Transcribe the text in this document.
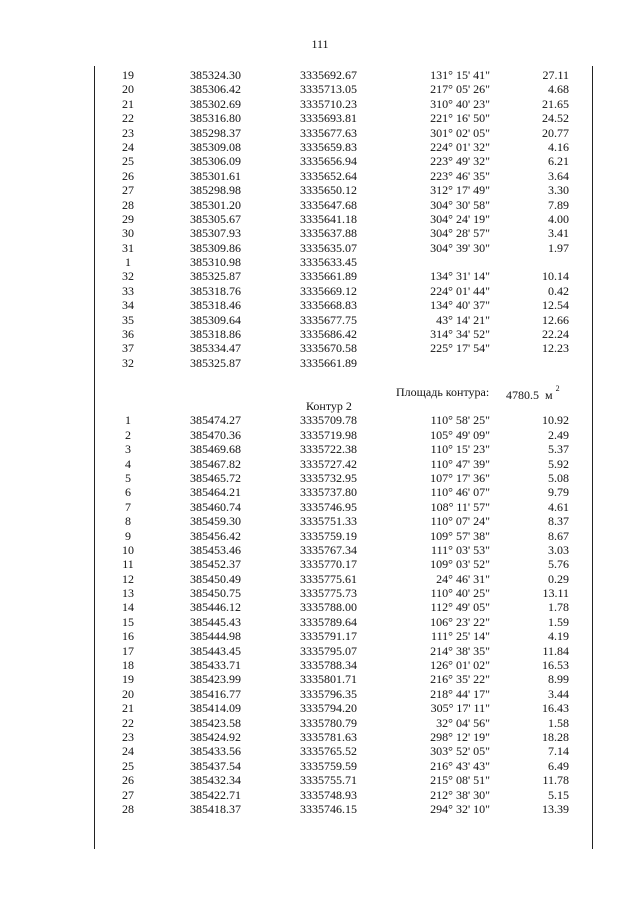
111
19	385324.30	3335692.67	131° 15' 41"	27.11
20	385306.42	3335713.05	217° 05' 26"	4.68
21	385302.69	3335710.23	310° 40' 23"	21.65
22	385316.80	3335693.81	221° 16' 50"	24.52
23	385298.37	3335677.63	301° 02' 05"	20.77
24	385309.08	3335659.83	224° 01' 32"	4.16
25	385306.09	3335656.94	223° 49' 32"	6.21
26	385301.61	3335652.64	223° 46' 35"	3.64
27	385298.98	3335650.12	312° 17' 49"	3.30
28	385301.20	3335647.68	304° 30' 58"	7.89
29	385305.67	3335641.18	304° 24' 19"	4.00
30	385307.93	3335637.88	304° 28' 57"	3.41
31	385309.86	3335635.07	304° 39' 30"	1.97
1	385310.98	3335633.45
32	385325.87	3335661.89	134° 31' 14"	10.14
33	385318.76	3335669.12	224° 01' 44"	0.42
34	385318.46	3335668.83	134° 40' 37"	12.54
35	385309.64	3335677.75	43° 14' 21"	12.66
36	385318.86	3335686.42	314° 34' 52"	22.24
37	385334.47	3335670.58	225° 17' 54"	12.23
32	385325.87	3335661.89
Площадь контура: 4780.5 м $^2$
Контур 2
1	385474.27	3335709.78	110° 58' 25"	10.92
2	385470.36	3335719.98	105° 49' 09"	2.49
3	385469.68	3335722.38	110° 15' 23"	5.37
4	385467.82	3335727.42	110° 47' 39"	5.92
5	385465.72	3335732.95	107° 17' 36"	5.08
6	385464.21	3335737.80	110° 46' 07"	9.79
7	385460.74	3335746.95	108° 11' 57"	4.61
8	385459.30	3335751.33	110° 07' 24"	8.37
9	385456.42	3335759.19	109° 57' 38"	8.67
10	385453.46	3335767.34	111° 03' 53"	3.03
11	385452.37	3335770.17	109° 03' 52"	5.76
12	385450.49	3335775.61	24° 46' 31"	0.29
13	385450.75	3335775.73	110° 40' 25"	13.11
14	385446.12	3335788.00	112° 49' 05"	1.78
15	385445.43	3335789.64	106° 23' 22"	1.59
16	385444.98	3335791.17	111° 25' 14"	4.19
17	385443.45	3335795.07	214° 38' 35"	11.84
18	385433.71	3335788.34	126° 01' 02"	16.53
19	385423.99	3335801.71	216° 35' 22"	8.99
20	385416.77	3335796.35	218° 44' 17"	3.44
21	385414.09	3335794.20	305° 17' 11"	16.43
22	385423.58	3335780.79	32° 04' 56"	1.58
23	385424.92	3335781.63	298° 12' 19"	18.28
24	385433.56	3335765.52	303° 52' 05"	7.14
25	385437.54	3335759.59	216° 43' 43"	6.49
26	385432.34	3335755.71	215° 08' 51"	11.78
27	385422.71	3335748.93	212° 38' 30"	5.15
28	385418.37	3335746.15	294° 32' 10"	13.39
